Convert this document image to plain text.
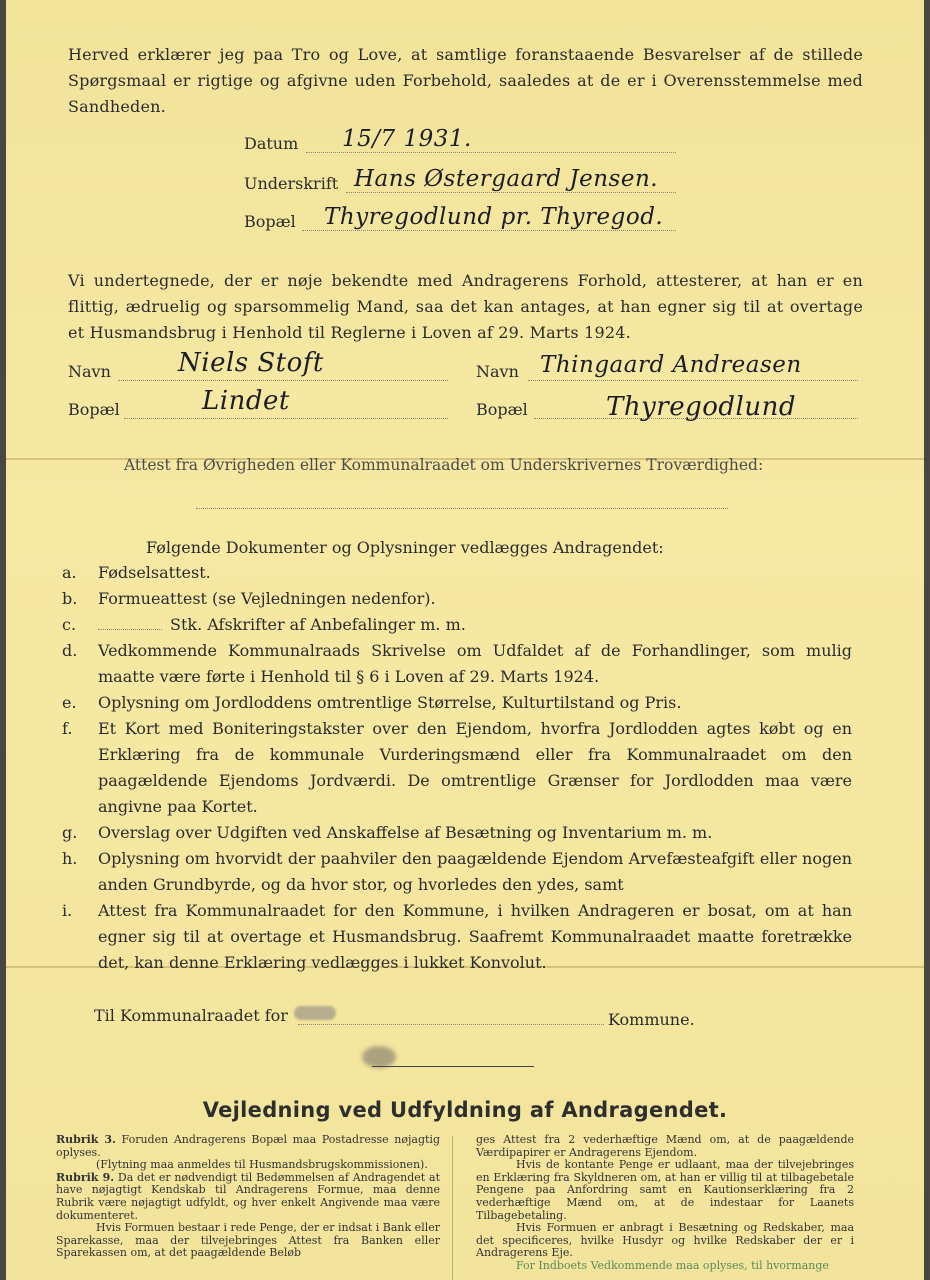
Herved erklærer jeg paa Tro og Love, at samtlige foranstaaende Besvarelser af de stillede Spørgsmaal er rigtige og afgivne uden Forbehold, saaledes at de er i Overensstemmelse med Sandheden.
Datum 15/7 1931.
Underskrift Hans Østergaard Jensen.
Bopæl Thyregodlund pr. Thyregod.
Vi undertegnede, der er nøje bekendte med Andragerens Forhold, attesterer, at han er en flittig, ædruelig og sparsommelig Mand, saa det kan antages, at han egner sig til at overtage et Husmandsbrug i Henhold til Reglerne i Loven af 29. Marts 1924.
Navn	Niels Stoft
Bopæl	Lindet
Navn Thingaard Andreasen
Bopæl	Thyregodlund
Attest fra Øvrigheden eller Kommunalraadet om Underskrivernes Troværdighed:
Følgende Dokumenter og Oplysninger vedlægges Andragendet:
a. Fødselsattest.
b. Formueattest (se Vejledningen nedenfor).
c.	Stk. Afskrifter af Anbefalinger m. m.
d. Vedkommende Kommunalraads Skrivelse om Udfaldet af de Forhandlinger, som mulig maatte være førte i Henhold til § 6 i Loven af 29. Marts 1924.
e. Oplysning om Jordloddens omtrentlige Størrelse, Kulturtilstand og Pris.
f. Et Kort med Boniteringstakster over den Ejendom, hvorfra Jordlodden agtes købt og en Erklæring fra de kommunale Vurderingsmænd eller fra Kommunalraadet om den paagældende Ejendoms Jordværdi. De omtrentlige Grænser for Jordlodden maa være angivne paa Kortet.
g. Overslag over Udgiften ved Anskaffelse af Besætning og Inventarium m. m.
h. Oplysning om hvorvidt der paahviler den paagældende Ejendom Arvefæsteafgift eller nogen anden Grundbyrde, og da hvor stor, og hvorledes den ydes, samt
i. Attest fra Kommunalraadet for den Kommune, i hvilken Andrageren er bosat, om at han egner sig til at overtage et Husmandsbrug. Saafremt Kommunalraadet maatte foretrække det, kan denne Erklæring vedlægges i lukket Konvolut.
Til Kommunalraadet for	Kommune.
Vejledning ved Udfyldning af Andragendet.

Rubrik 3. Foruden Andragerens Bopæl maa Postadresse nøjagtig oplyses.

(Flytning maa anmeldes til Husmandsbrugskommissionen).

Rubrik 9. Da det er nødvendigt til Bedømmelsen af Andragendet at have nøjagtigt Kendskab til Andragerens Formue, maa denne Rubrik være nøjagtigt udfyldt, og hver enkelt Angivende maa være dokumenteret.

Hvis Formuen bestaar i rede Penge, der er indsat i Bank eller Sparekasse, maa der tilvejebringes Attest fra Banken eller Sparekassen om, at det paagældende Beløb

ges Attest fra 2 vederhæftige Mænd om, at de paagældende Værdipapirer er Andragerens Ejendom.

Hvis de kontante Penge er udlaant, maa der tilvejebringes en Erklæring fra Skyldneren om, at han er villig til at tilbagebetale Pengene paa Anfordring samt en Kautionserklæring fra 2 vederhæftige Mænd om, at de indestaar for Laanets Tilbagebetaling.

Hvis Formuen er anbragt i Besætning og Redskaber, maa det specificeres, hvilke Husdyr og hvilke Redskaber der er i Andragerens Eje.

For Indboets Vedkommende maa oplyses, til hvormange
